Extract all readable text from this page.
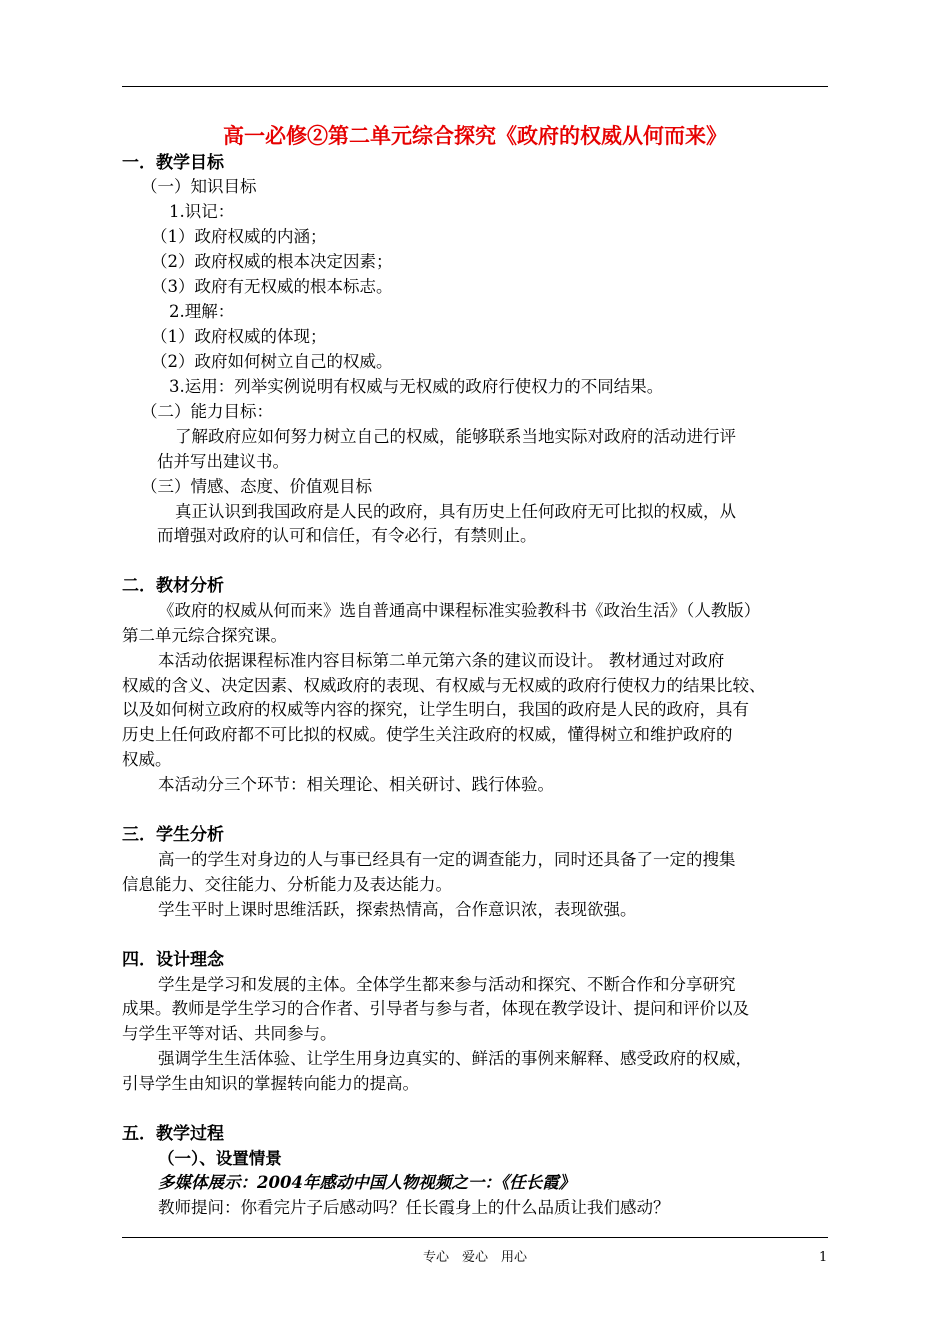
高一必修②第二单元综合探究《政府的权威从何而来》
一．教学目标
（一）知识目标
1.识记：
（1）政府权威的内涵；
（2）政府权威的根本决定因素；
（3）政府有无权威的根本标志。
2.理解：
（1）政府权威的体现；
（2）政府如何树立自己的权威。
3.运用：列举实例说明有权威与无权威的政府行使权力的不同结果。
（二）能力目标：
了解政府应如何努力树立自己的权威，能够联系当地实际对政府的活动进行评
估并写出建议书。
（三）情感、态度、价值观目标
真正认识到我国政府是人民的政府，具有历史上任何政府无可比拟的权威，从
而增强对政府的认可和信任，有令必行，有禁则止。
二．教材分析
《政府的权威从何而来》选自普通高中课程标准实验教科书《政治生活》（人教版）
第二单元综合探究课。
本活动依据课程标准内容目标第二单元第六条的建议而设计。 教材通过对政府
权威的含义、决定因素、权威政府的表现、有权威与无权威的政府行使权力的结果比较、
以及如何树立政府的权威等内容的探究，让学生明白，我国的政府是人民的政府，具有
历史上任何政府都不可比拟的权威。使学生关注政府的权威，懂得树立和维护政府的
权威。
本活动分三个环节：相关理论、相关研讨、践行体验。
三．学生分析
高一的学生对身边的人与事已经具有一定的调查能力，同时还具备了一定的搜集
信息能力、交往能力、分析能力及表达能力。
学生平时上课时思维活跃，探索热情高，合作意识浓，表现欲强。
四．设计理念
学生是学习和发展的主体。全体学生都来参与活动和探究、不断合作和分享研究
成果。教师是学生学习的合作者、引导者与参与者，体现在教学设计、提问和评价以及
与学生平等对话、共同参与。
强调学生生活体验、让学生用身边真实的、鲜活的事例来解释、感受政府的权威，
引导学生由知识的掌握转向能力的提高。
五．教学过程
（一）、设置情景
多媒体展示：2004年感动中国人物视频之一：《任长霞》
教师提问：你看完片子后感动吗？任长霞身上的什么品质让我们感动？
专心　爱心　用心	1
